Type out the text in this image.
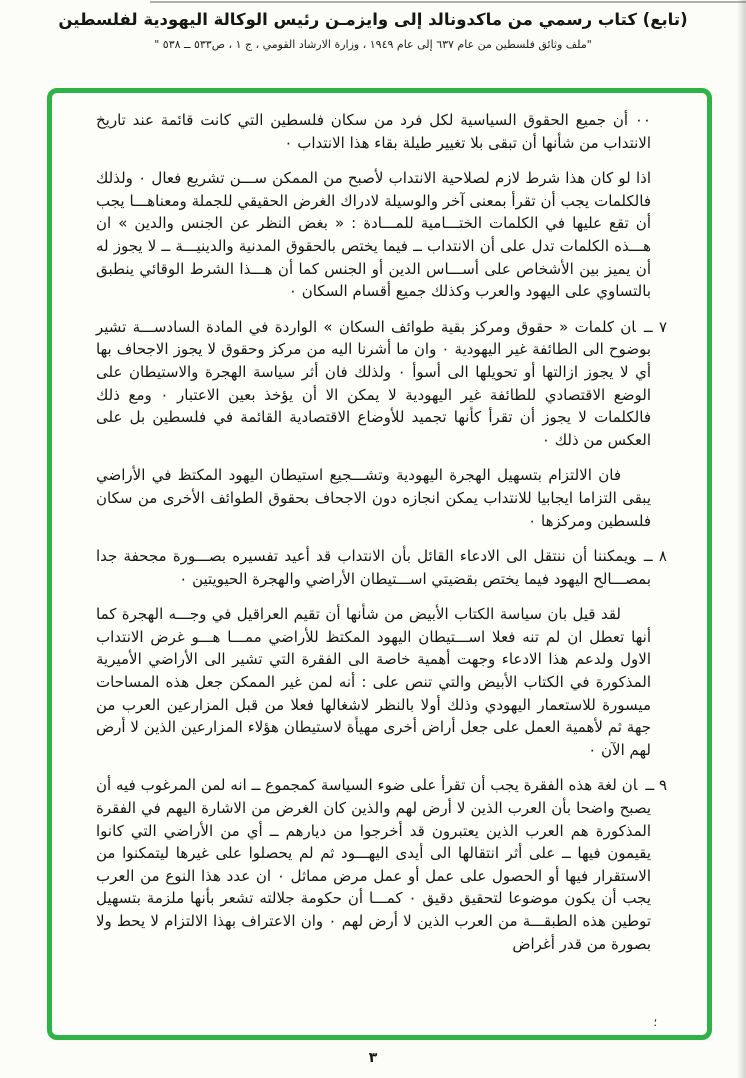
(تابع) كتاب رسمي من ماكدونالد إلى وايزمـن رئيس الوكالة اليهودية لفلسطين
"ملف وثائق فلسطين من عام ٦٣٧ إلى عام ١٩٤٩ ، وزارة الارشاد القومي ، ج ١ ، ص٥٣٣ ــ ٥٣٨ "

٠٠ أن جميع الحقوق السياسية لكل فرد من سكان فلسطين التي كانت قائمة عند تاريخ الانتداب من شأنها أن تبقى بلا تغيير طيلة بقاء هذا الانتداب ٠

اذا لو كان هذا شرط لازم لصلاحية الانتداب لأصبح من الممكن ســـن تشريع فعال ٠ ولذلك فالكلمات يجب أن تقرأ بمعنى آخر والوسيلة لادراك الغرض الحقيقي للجملة ومعناهـــا يجب أن تقع عليها في الكلمات الختـــامية للمـــادة : « بغض النظر عن الجنس والدين » ان هـــذه الكلمات تدل على أن الانتداب ــ فيما يختص بالحقوق المدنية والدينيـــة ــ لا يجوز له أن يميز بين الأشخاص على أســـاس الدين أو الجنس كما أن هـــذا الشرط الوقائي ينطبق بالتساوي على اليهود والعرب وكذلك جميع أقسام السكان ٠

٧ ــان كلمات « حقوق ومركز بقية طوائف السكان » الواردة في المادة السادســـة تشير بوضوح الى الطائفة غير اليهودية ٠ وان ما أشرنا اليه من مركز وحقوق لا يجوز الاجحاف بها أي لا يجوز ازالتها أو تحويلها الى أسوأ ٠ ولذلك فان أثر سياسة الهجرة والاستيطان على الوضع الاقتصادي للطائفة غير اليهودية لا يمكن الا أن يؤخذ بعين الاعتبار ٠ ومع ذلك فالكلمات لا يجوز أن تقرأ كأنها تجميد للأوضاع الاقتصادية القائمة في فلسطين بل على العكس من ذلك ٠

فان الالتزام بتسهيل الهجرة اليهودية وتشـــجيع استيطان اليهود المكتظ في الأراضي يبقى التزاما ايجابيا للانتداب يمكن انجازه دون الاجحاف بحقوق الطوائف الأخرى من سكان فلسطين ومركزها ٠

٨ ــويمكننا أن ننتقل الى الادعاء القائل بأن الانتداب قد أعيد تفسيره بصـــورة مجحفة جدا بمصـــالح اليهود فيما يختص بقضيتي اســـتيطان الأراضي والهجرة الحيويتين ٠

لقد قيل بان سياسة الكتاب الأبيض من شأنها أن تقيم العراقيل في وجـــه الهجرة كما أنها تعطل ان لم تنه فعلا اســـتيطان اليهود المكتظ للأراضي ممـــا هـــو غرض الانتداب الاول ولدعم هذا الادعاء وجهت أهمية خاصة الى الفقرة التي تشير الى الأراضي الأميرية المذكورة في الكتاب الأبيض والتي تنص على : أنه لمن غير الممكن جعل هذه المساحات ميسورة للاستعمار اليهودي وذلك أولا بالنظر لاشغالها فعلا من قبل المزارعين العرب من جهة ثم لأهمية العمل على جعل أراض أخرى مهيأة لاستيطان هؤلاء المزارعين الذين لا أرض لهم الآن ٠

٩ ــان لغة هذه الفقرة يجب أن تقرأ على ضوء السياسة كمجموع ــ انه لمن المرغوب فيه أن يصبح واضحا بأن العرب الذين لا أرض لهم والذين كان الغرض من الاشارة اليهم في الفقرة المذكورة هم العرب الذين يعتبرون قد أخرجوا من ديارهم ــ أي من الأراضي التي كانوا يقيمون فيها ــ على أثر انتقالها الى أيدى اليهـــود ثم لم يحصلوا على غيرها ليتمكنوا من الاستقرار فيها أو الحصول على عمل أو عمل مرض مماثل ٠ ان عدد هذا النوع من العرب يجب أن يكون موضوعا لتحقيق دقيق ٠ كمـــا أن حكومة جلالته تشعر بأنها ملزمة بتسهيل توطين هذه الطبقـــة من العرب الذين لا أرض لهم ٠ وان الاعتراف بهذا الالتزام لا يحط ولا بصورة من قدر أغراض

؛
٣
